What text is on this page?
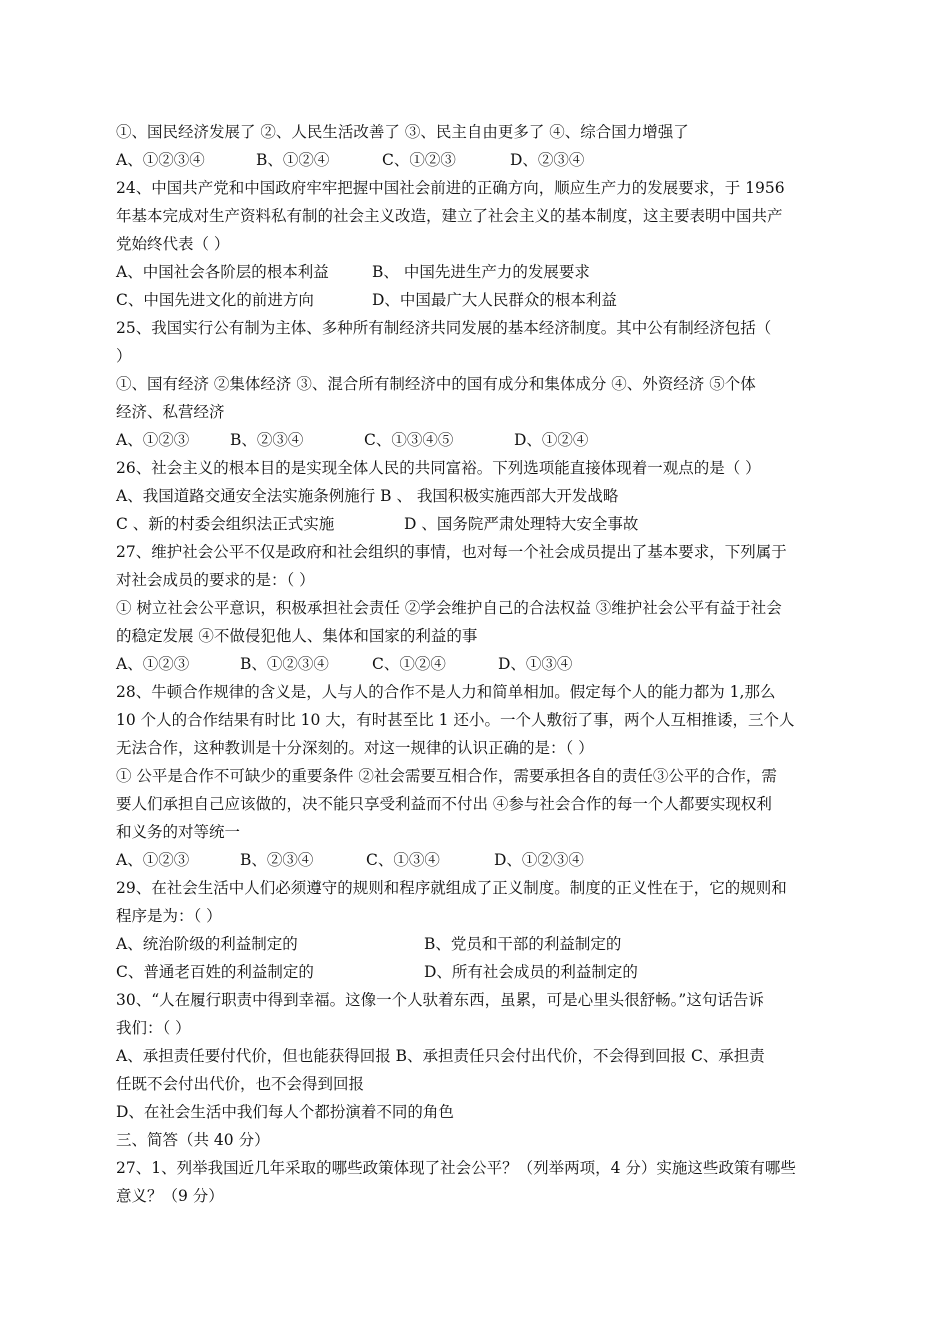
①、国民经济发展了 ②、人民生活改善了 ③、民主自由更多了 ④、综合国力增强了
A、①②③④	B、①②④	C、①②③	D、②③④
24、中国共产党和中国政府牢牢把握中国社会前进的正确方向，顺应生产力的发展要求，于 1956
年基本完成对生产资料私有制的社会主义改造，建立了社会主义的基本制度，这主要表明中国共产
党始终代表（ ）
A、中国社会各阶层的根本利益	B、 中国先进生产力的发展要求
C、中国先进文化的前进方向	D、中国最广大人民群众的根本利益
25、我国实行公有制为主体、多种所有制经济共同发展的基本经济制度。其中公有制经济包括（
）
①、国有经济 ②集体经济 ③、混合所有制经济中的国有成分和集体成分 ④、外资经济 ⑤个体
经济、私营经济
A、①②③	B、②③④	C、①③④⑤	D、①②④
26、社会主义的根本目的是实现全体人民的共同富裕。下列选项能直接体现着一观点的是（ ）
A、我国道路交通安全法实施条例施行 B 、 我国积极实施西部大开发战略
C 、新的村委会组织法正式实施	D 、国务院严肃处理特大安全事故
27、维护社会公平不仅是政府和社会组织的事情，也对每一个社会成员提出了基本要求，下列属于
对社会成员的要求的是：（ ）
① 树立社会公平意识，积极承担社会责任 ②学会维护自己的合法权益 ③维护社会公平有益于社会
的稳定发展 ④不做侵犯他人、集体和国家的利益的事
A、①②③	B、①②③④	C、①②④	D、①③④
28、牛顿合作规律的含义是，人与人的合作不是人力和简单相加。假定每个人的能力都为 1,那么
10 个人的合作结果有时比 10 大，有时甚至比 1 还小。一个人敷衍了事，两个人互相推诿，三个人
无法合作，这种教训是十分深刻的。对这一规律的认识正确的是：（ ）
① 公平是合作不可缺少的重要条件 ②社会需要互相合作，需要承担各自的责任③公平的合作，需
要人们承担自己应该做的，决不能只享受利益而不付出 ④参与社会合作的每一个人都要实现权利
和义务的对等统一
A、①②③	B、②③④	C、①③④	D、①②③④
29、在社会生活中人们必须遵守的规则和程序就组成了正义制度。制度的正义性在于，它的规则和
程序是为：（ ）
A、统治阶级的利益制定的	B、党员和干部的利益制定的
C、普通老百姓的利益制定的	D、所有社会成员的利益制定的
30、“人在履行职责中得到幸福。这像一个人驮着东西，虽累，可是心里头很舒畅。”这句话告诉
我们：（ ）
A、承担责任要付代价，但也能获得回报 B、承担责任只会付出代价，不会得到回报 C、承担责
任既不会付出代价，也不会得到回报
D、在社会生活中我们每人个都扮演着不同的角色
三、简答（共 40 分）
27、1、列举我国近几年采取的哪些政策体现了社会公平？（列举两项，4 分）实施这些政策有哪些
意义？（9 分）
